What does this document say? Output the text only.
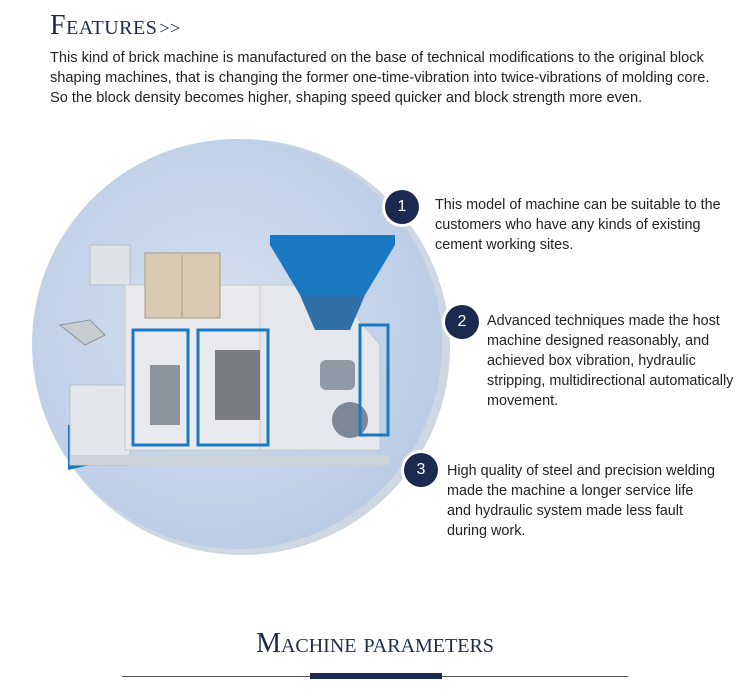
Features >>

This kind of brick machine is manufactured on the base of technical modifications to the original block shaping machines, that is changing the former one-time-vibration into twice-vibrations of molding core. So the block density becomes higher, shaping speed quicker and block strength more even.

1	This model of machine can be suitable to the customers who have any kinds of existing cement working sites.

2	Advanced techniques made the host machine designed reasonably, and achieved box vibration, hydraulic stripping, multidirectional automatically movement.

3	High quality of steel and precision welding made the machine a longer service life and hydraulic system made less fault during work.

Machine parameters
